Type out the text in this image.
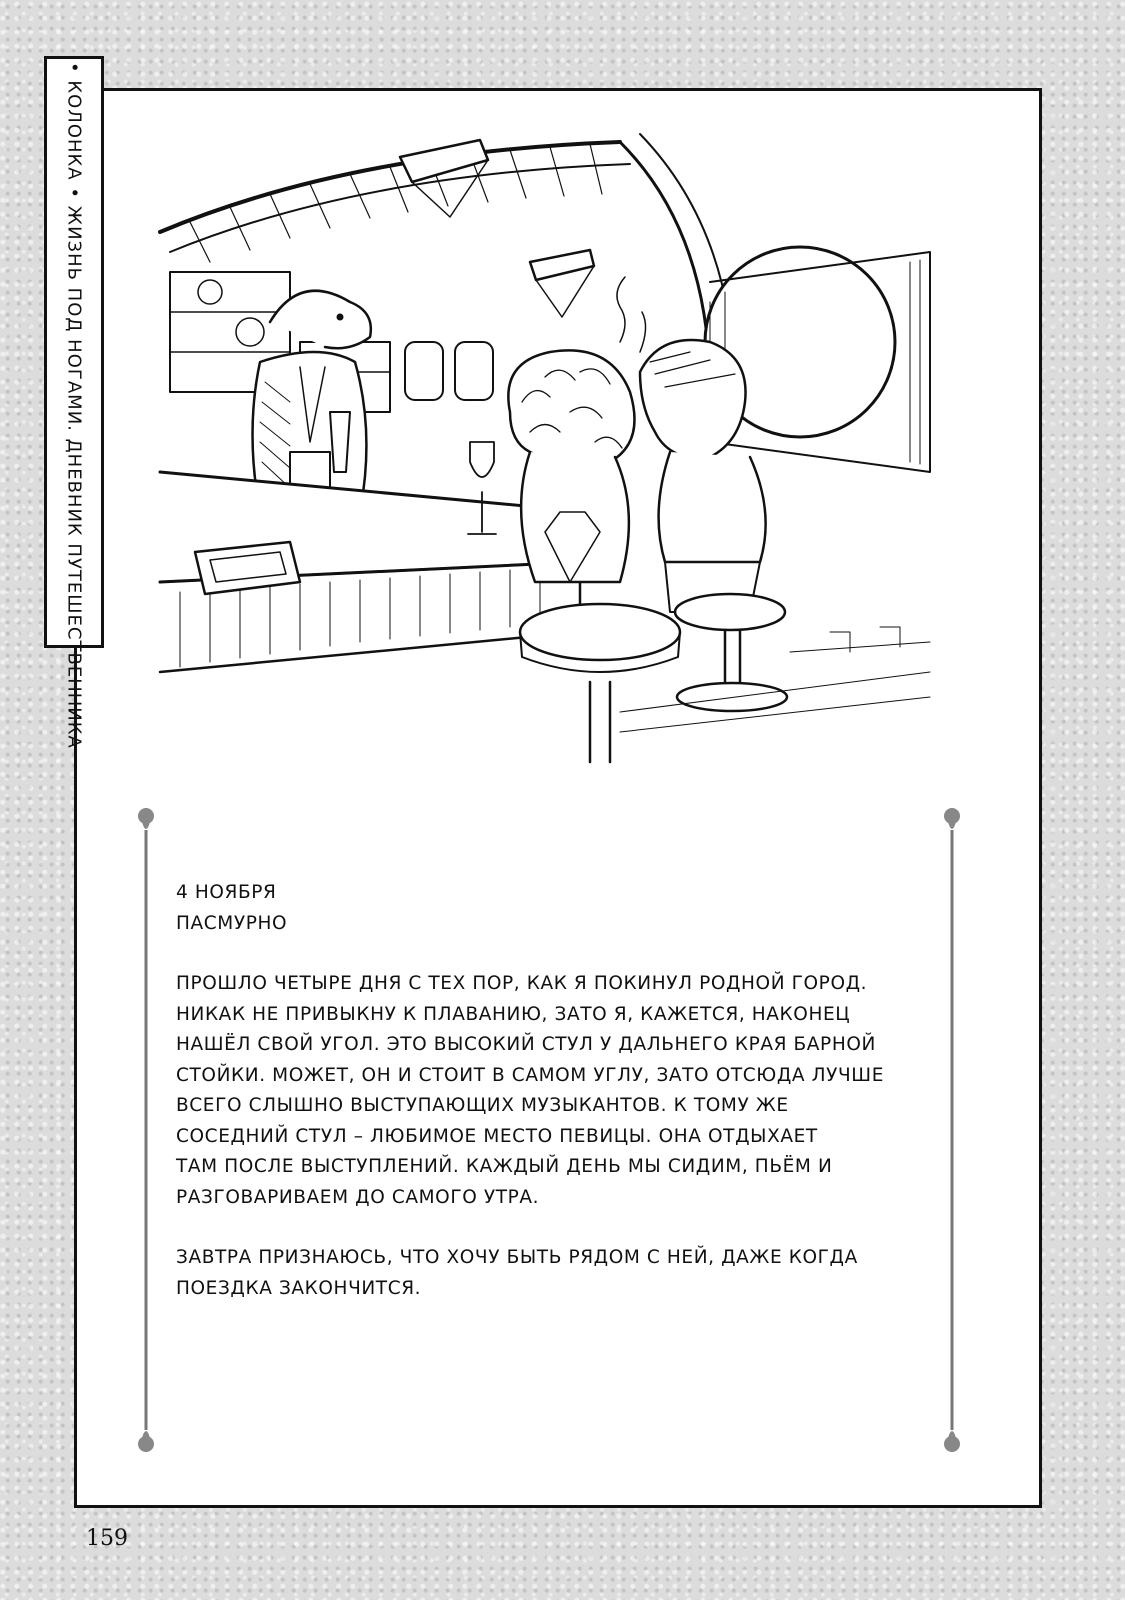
• КОЛОНКА • ЖИЗНЬ ПОД НОГАМИ. ДНЕВНИК ПУТЕШЕСТВЕННИКА

4 НОЯБРЯ

ПАСМУРНО

ПРОШЛО ЧЕТЫРЕ ДНЯ С ТЕХ ПОР, КАК Я ПОКИНУЛ РОДНОЙ ГОРОД.

НИКАК НЕ ПРИВЫКНУ К ПЛАВАНИЮ, ЗАТО Я, КАЖЕТСЯ, НАКОНЕЦ

НАШЁЛ СВОЙ УГОЛ. ЭТО ВЫСОКИЙ СТУЛ У ДАЛЬНЕГО КРАЯ БАРНОЙ

СТОЙКИ. МОЖЕТ, ОН И СТОИТ В САМОМ УГЛУ, ЗАТО ОТСЮДА ЛУЧШЕ

ВСЕГО СЛЫШНО ВЫСТУПАЮЩИХ МУЗЫКАНТОВ. К ТОМУ ЖЕ

СОСЕДНИЙ СТУЛ – ЛЮБИМОЕ МЕСТО ПЕВИЦЫ. ОНА ОТДЫХАЕТ

ТАМ ПОСЛЕ ВЫСТУПЛЕНИЙ. КАЖДЫЙ ДЕНЬ МЫ СИДИМ, ПЬЁМ И

РАЗГОВАРИВАЕМ ДО САМОГО УТРА.

ЗАВТРА ПРИЗНАЮСЬ, ЧТО ХОЧУ БЫТЬ РЯДОМ С НЕЙ, ДАЖЕ КОГДА

ПОЕЗДКА ЗАКОНЧИТСЯ.

159
